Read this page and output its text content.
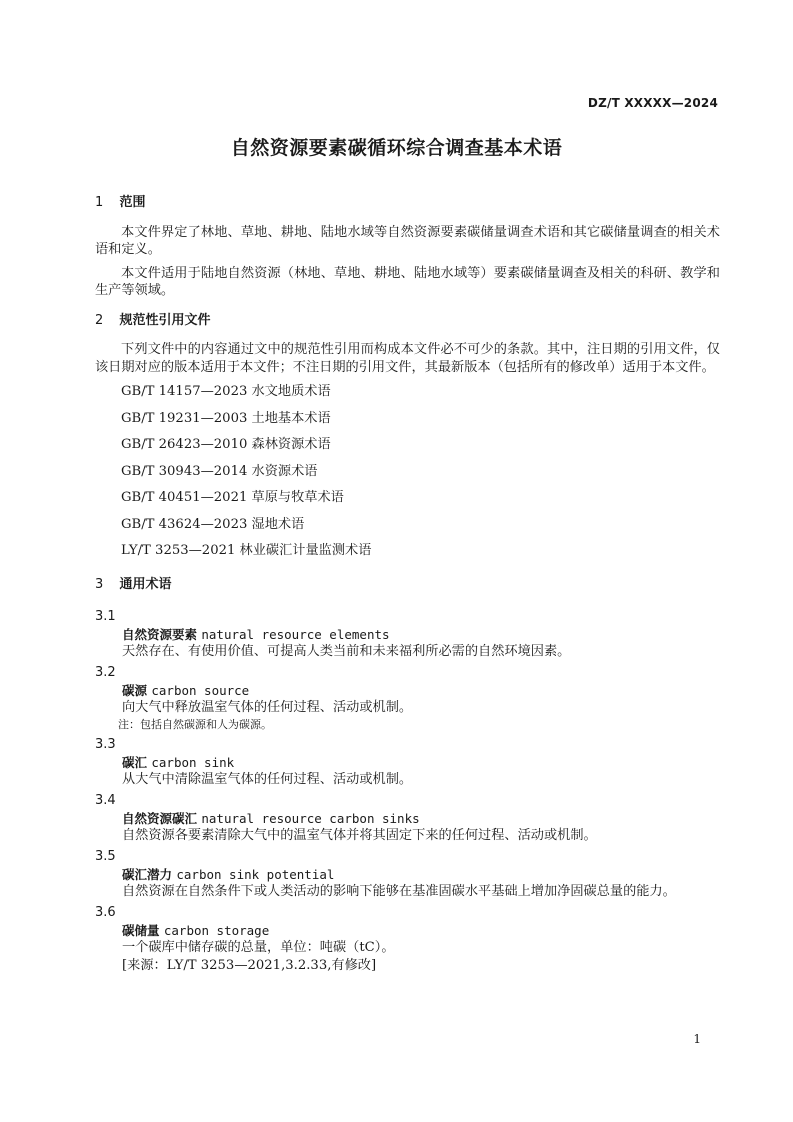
DZ/T XXXXX—2024
自然资源要素碳循环综合调查基本术语
1 范围

本文件界定了林地、草地、耕地、陆地水域等自然资源要素碳储量调查术语和其它碳储量调查的相关术语和定义。

本文件适用于陆地自然资源（林地、草地、耕地、陆地水域等）要素碳储量调查及相关的科研、教学和生产等领域。

2 规范性引用文件

下列文件中的内容通过文中的规范性引用而构成本文件必不可少的条款。其中，注日期的引用文件，仅该日期对应的版本适用于本文件；不注日期的引用文件，其最新版本（包括所有的修改单）适用于本文件。

GB/T 14157—2023 水文地质术语
GB/T 19231—2003 土地基本术语
GB/T 26423—2010 森林资源术语
GB/T 30943—2014 水资源术语
GB/T 40451—2021 草原与牧草术语
GB/T 43624—2023 湿地术语
LY/T 3253—2021 林业碳汇计量监测术语
3 通用术语
3.1
自然资源要素 natural resource elements
天然存在、有使用价值、可提高人类当前和未来福利所必需的自然环境因素。
3.2
碳源 carbon source
向大气中释放温室气体的任何过程、活动或机制。
注：包括自然碳源和人为碳源。
3.3
碳汇 carbon sink
从大气中清除温室气体的任何过程、活动或机制。
3.4
自然资源碳汇 natural resource carbon sinks
自然资源各要素清除大气中的温室气体并将其固定下来的任何过程、活动或机制。
3.5
碳汇潜力 carbon sink potential
自然资源在自然条件下或人类活动的影响下能够在基准固碳水平基础上增加净固碳总量的能力。
3.6
碳储量 carbon storage
一个碳库中储存碳的总量，单位：吨碳（tC）。
[来源：LY/T 3253—2021,3.2.33,有修改]
1
